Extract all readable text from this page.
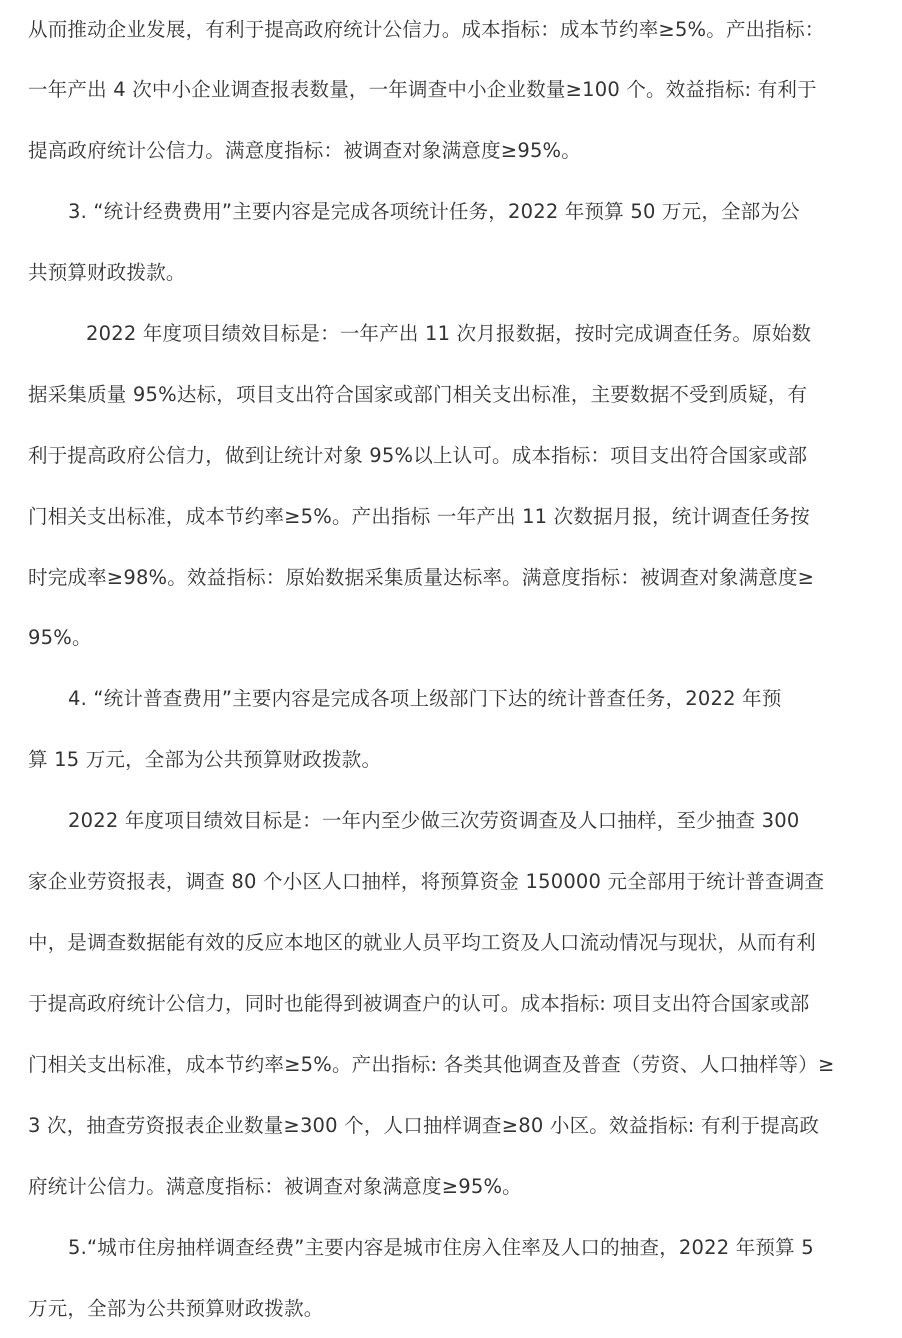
从而推动企业发展，有利于提高政府统计公信力。成本指标：成本节约率≥5%。产出指标：
一年产出 4 次中小企业调查报表数量，一年调查中小企业数量≥100 个。效益指标: 有利于
提高政府统计公信力。满意度指标：被调查对象满意度≥95%。
3. “统计经费费用”主要内容是完成各项统计任务，2022 年预算 50 万元，全部为公
共预算财政拨款。
2022 年度项目绩效目标是：一年产出 11 次月报数据，按时完成调查任务。原始数
据采集质量 95%达标，项目支出符合国家或部门相关支出标准，主要数据不受到质疑，有
利于提高政府公信力，做到让统计对象 95%以上认可。成本指标：项目支出符合国家或部
门相关支出标准，成本节约率≥5%。产出指标 一年产出 11 次数据月报，统计调查任务按
时完成率≥98%。效益指标：原始数据采集质量达标率。满意度指标：被调查对象满意度≥
95%。
4. “统计普查费用”主要内容是完成各项上级部门下达的统计普查任务，2022 年预
算 15 万元，全部为公共预算财政拨款。
2022 年度项目绩效目标是：一年内至少做三次劳资调查及人口抽样，至少抽查 300
家企业劳资报表，调查 80 个小区人口抽样，将预算资金 150000 元全部用于统计普查调查
中，是调查数据能有效的反应本地区的就业人员平均工资及人口流动情况与现状，从而有利
于提高政府统计公信力，同时也能得到被调查户的认可。成本指标: 项目支出符合国家或部
门相关支出标准，成本节约率≥5%。产出指标: 各类其他调查及普查（劳资、人口抽样等）≥
3 次，抽查劳资报表企业数量≥300 个，人口抽样调查≥80 小区。效益指标: 有利于提高政
府统计公信力。满意度指标：被调查对象满意度≥95%。
5.“城市住房抽样调查经费”主要内容是城市住房入住率及人口的抽查，2022 年预算 5
万元，全部为公共预算财政拨款。
